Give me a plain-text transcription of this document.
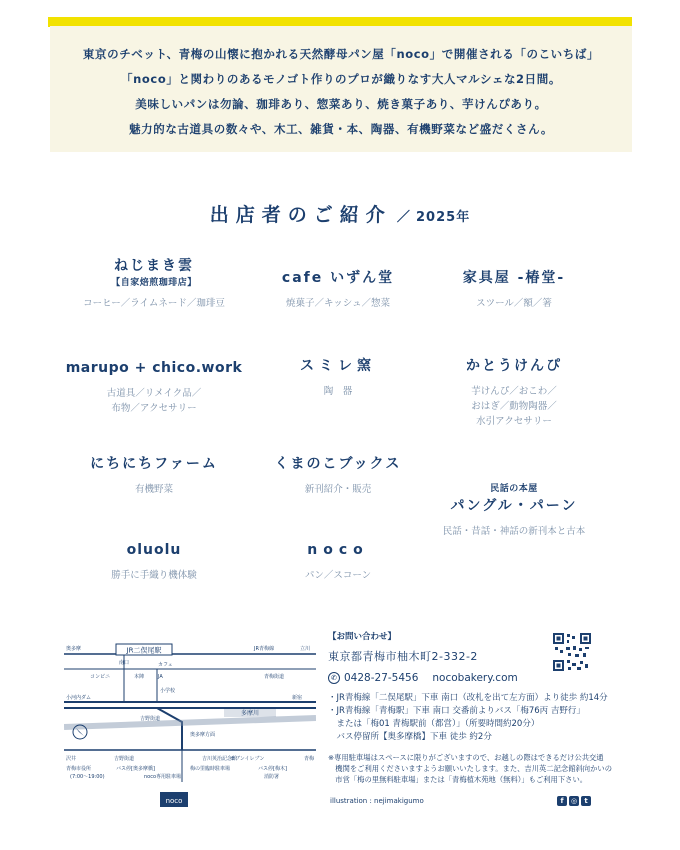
東京のチベット、青梅の山懐に抱かれる天然酵母パン屋「noco」で開催される「のこいちば」
「noco」と関わりのあるモノゴト作りのプロが織りなす大人マルシェな2日間。
美味しいパンは勿論、珈琲あり、惣菜あり、焼き菓子あり、芋けんぴあり。
魅力的な古道具の数々や、木工、雑貨・本、陶器、有機野菜など盛だくさん。
出店者のご紹介 ／ 2025年
ねじまき雲
【自家焙煎珈琲店】
コーヒー／ライムネード／珈琲豆
cafe いずん堂
焼菓子／キッシュ／惣菜
家具屋 -椿堂-
スツール／額／箸
marupo + chico.work
古道具／リメイク品／
布物／アクセサリー
スミレ窯
陶　器
かとうけんぴ
芋けんぴ／おこわ／
おはぎ／動物陶器／
水引アクセサリー
にちにちファーム
有機野菜
くまのこブックス
新刊紹介・販売	民話の本屋
パングル・パーン
民話・昔話・神話の新刊本と古本
oluolu
勝手に手織り機体験
noco
パン／スコーン
JR二俣尾駅
奥多摩	JR青梅線	立川
南口
コンビニ
カフェ
本陣	JA	青梅街道
小学校
小河内ダム	新宿
吉野街道
多摩川
奥多摩方面
沢井	吉野街道	吉川英治記念館
セブンイレブン	青梅
青梅市役所	バス停[奥多摩橋]	梅の里臨時駐車場	バス停[梅木]
(7:00〜19:00)	noco専用駐車場	消防署
noco
【お問い合わせ】
東京都青梅市柚木町2-332-2
✆ 0428-27-5456 nocobakery.com
・JR青梅線「二俣尾駅」下車 南口（改札を出て左方面）より徒歩 約14分
・JR青梅線「青梅駅」下車 南口 交番前よりバス「梅76丙 吉野行」
　または「梅01 青梅駅前（都営）」（所要時間約20分）
　バス停留所【奥多摩橋】下車 徒歩 約2分
※専用駐車場はスペースに限りがございますので、お越しの際はできるだけ公共交通
　機関をご利用くださいますようお願いいたします。また、吉川英二記念館斜向かいの
　市営「梅の里無料駐車場」または「青梅植木苑地（無料）」もご利用下さい。
illustration : nejimakigumo	f	◎	t
